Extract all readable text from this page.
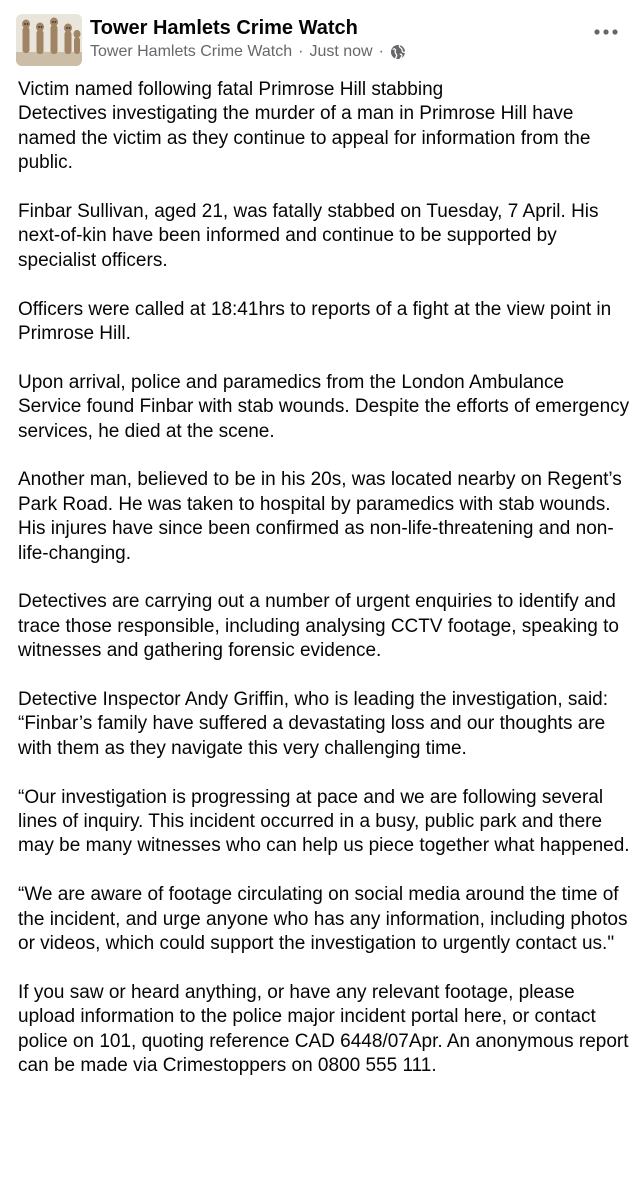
Tower Hamlets Crime Watch
Tower Hamlets Crime Watch · Just now ·

Victim named following fatal Primrose Hill stabbing
Detectives investigating the murder of a man in Primrose Hill have named the victim as they continue to appeal for information from the public.

Finbar Sullivan, aged 21, was fatally stabbed on Tuesday, 7 April. His next-of-kin have been informed and continue to be supported by specialist officers.

Officers were called at 18:41hrs to reports of a fight at the view point in Primrose Hill.

Upon arrival, police and paramedics from the London Ambulance Service found Finbar with stab wounds. Despite the efforts of emergency services, he died at the scene.

Another man, believed to be in his 20s, was located nearby on Regent’s Park Road. He was taken to hospital by paramedics with stab wounds. His injures have since been confirmed as non-life-threatening and non-life-changing.

Detectives are carrying out a number of urgent enquiries to identify and trace those responsible, including analysing CCTV footage, speaking to witnesses and gathering forensic evidence.

Detective Inspector Andy Griffin, who is leading the investigation, said: “Finbar’s family have suffered a devastating loss and our thoughts are with them as they navigate this very challenging time.

“Our investigation is progressing at pace and we are following several lines of inquiry. This incident occurred in a busy, public park and there may be many witnesses who can help us piece together what happened.

“We are aware of footage circulating on social media around the time of the incident, and urge anyone who has any information, including photos or videos, which could support the investigation to urgently contact us."

If you saw or heard anything, or have any relevant footage, please upload information to the police major incident portal here, or contact police on 101, quoting reference CAD 6448/07Apr. An anonymous report can be made via Crimestoppers on 0800 555 111.
